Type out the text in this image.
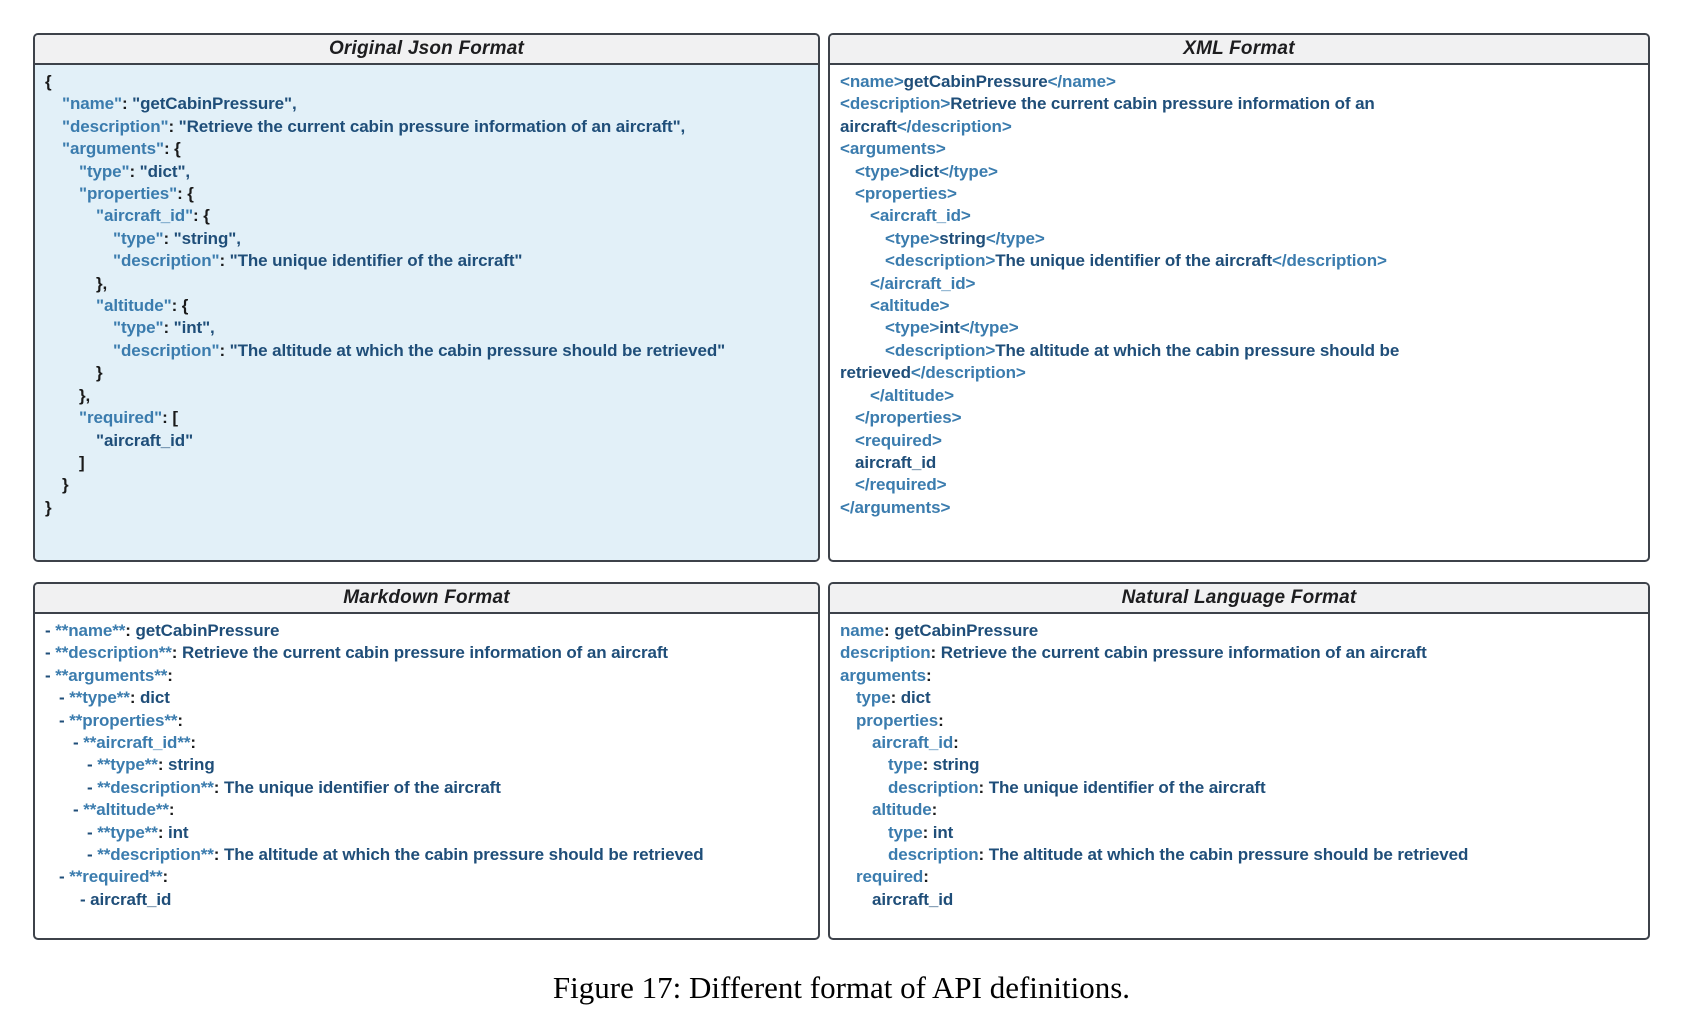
Original Json Format
{
"name": "getCabinPressure",
"description": "Retrieve the current cabin pressure information of an aircraft",
"arguments": {
"type": "dict",
"properties": {
"aircraft_id": {
"type": "string",
"description": "The unique identifier of the aircraft"
},
"altitude": {
"type": "int",
"description": "The altitude at which the cabin pressure should be retrieved"
}
},
"required": [
"aircraft_id"
]
}
}
XML Format
<name>getCabinPressure</name>
<description>Retrieve the current cabin pressure information of an
aircraft</description>
<arguments>
<type>dict</type>
<properties>
<aircraft_id>
<type>string</type>
<description>The unique identifier of the aircraft</description>
</aircraft_id>
<altitude>
<type>int</type>
<description>The altitude at which the cabin pressure should be
retrieved</description>
</altitude>
</properties>
<required>
aircraft_id
</required>
</arguments>
Markdown Format
- **name**: getCabinPressure
- **description**: Retrieve the current cabin pressure information of an aircraft
- **arguments**:
- **type**: dict
- **properties**:
- **aircraft_id**:
- **type**: string
- **description**: The unique identifier of the aircraft
- **altitude**:
- **type**: int
- **description**: The altitude at which the cabin pressure should be retrieved
- **required**:
- aircraft_id
Natural Language Format
name: getCabinPressure
description: Retrieve the current cabin pressure information of an aircraft
arguments:
type: dict
properties:
aircraft_id:
type: string
description: The unique identifier of the aircraft
altitude:
type: int
description: The altitude at which the cabin pressure should be retrieved
required:
aircraft_id
Figure 17: Different format of API definitions.
